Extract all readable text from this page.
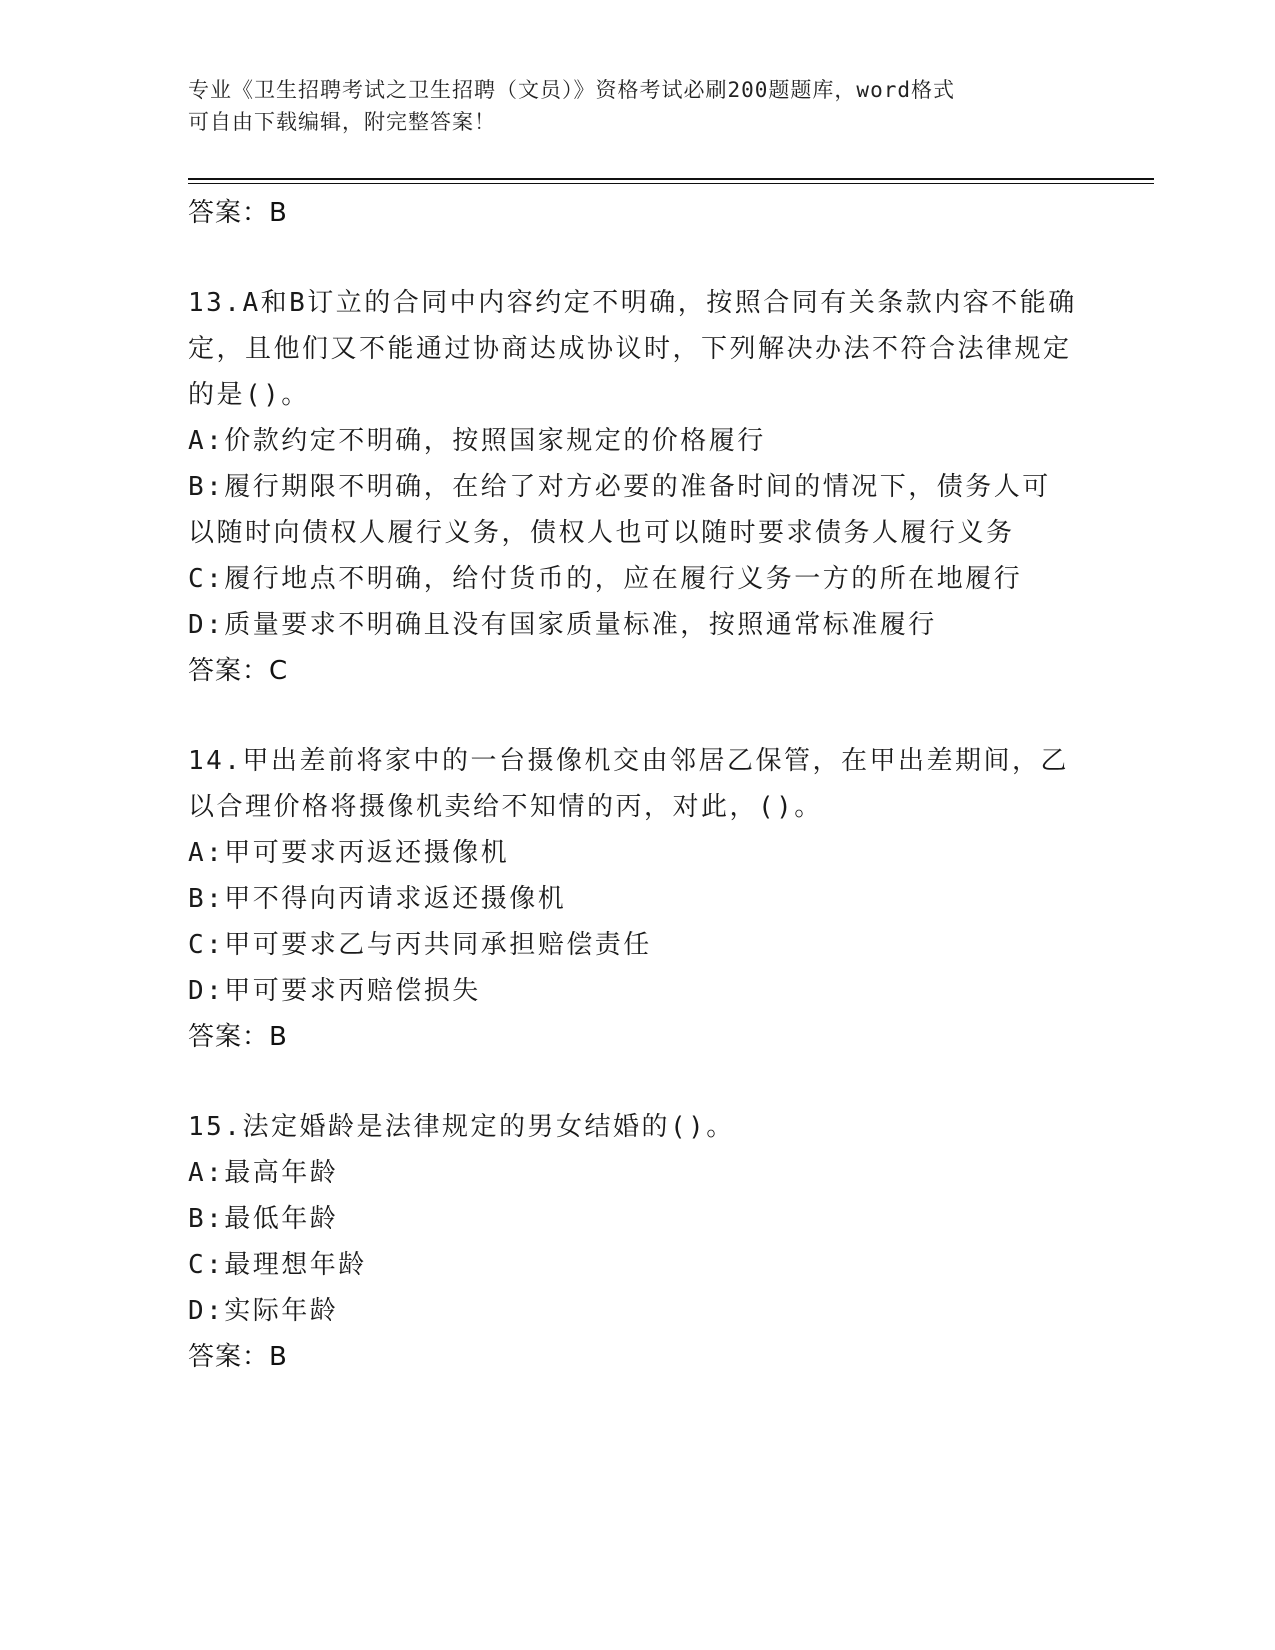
专业《卫生招聘考试之卫生招聘（文员）》资格考试必刷200题题库，word格式
可自由下载编辑，附完整答案！
答案：B
13.A和B订立的合同中内容约定不明确，按照合同有关条款内容不能确定，且他们又不能通过协商达成协议时，下列解决办法不符合法律规定的是()。
A:价款约定不明确，按照国家规定的价格履行
B:履行期限不明确，在给了对方必要的准备时间的情况下，债务人可以随时向债权人履行义务，债权人也可以随时要求债务人履行义务
C:履行地点不明确，给付货币的，应在履行义务一方的所在地履行
D:质量要求不明确且没有国家质量标准，按照通常标准履行
答案：C
14.甲出差前将家中的一台摄像机交由邻居乙保管，在甲出差期间，乙以合理价格将摄像机卖给不知情的丙，对此，()。
A:甲可要求丙返还摄像机
B:甲不得向丙请求返还摄像机
C:甲可要求乙与丙共同承担赔偿责任
D:甲可要求丙赔偿损失
答案：B
15.法定婚龄是法律规定的男女结婚的()。
A:最高年龄
B:最低年龄
C:最理想年龄
D:实际年龄
答案：B
